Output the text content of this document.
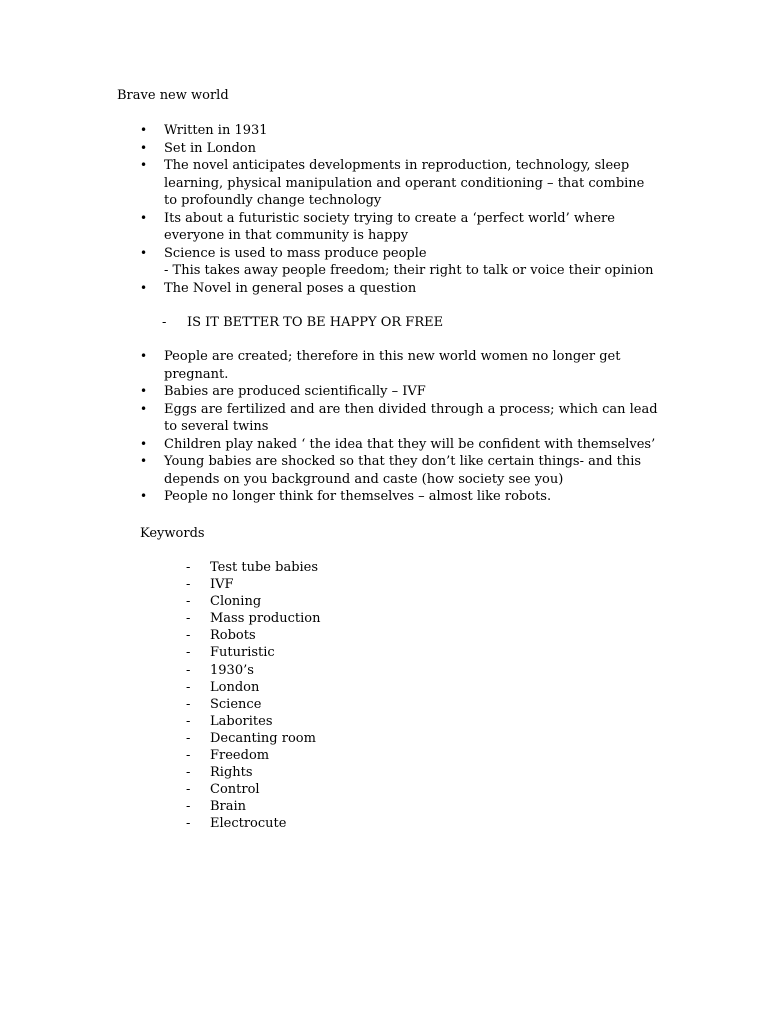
Brave new world
• Written in 1931
• Set in London
• The novel anticipates developments in reproduction, technology, sleep
learning, physical manipulation and operant conditioning – that combine
to profoundly change technology
• Its about a futuristic society trying to create a ‘perfect world’ where
everyone in that community is happy
• Science is used to mass produce people
- This takes away people freedom; their right to talk or voice their opinion
• The Novel in general poses a question
- IS IT BETTER TO BE HAPPY OR FREE
• People are created; therefore in this new world women no longer get
pregnant.
• Babies are produced scientifically – IVF
• Eggs are fertilized and are then divided through a process; which can lead
to several twins
• Children play naked ‘ the idea that they will be confident with themselves’
• Young babies are shocked so that they don’t like certain things- and this
depends on you background and caste (how society see you)
• People no longer think for themselves – almost like robots.
Keywords
- Test tube babies
- IVF
- Cloning
- Mass production
- Robots
- Futuristic
- 1930’s
- London
- Science
- Laborites
- Decanting room
- Freedom
- Rights
- Control
- Brain
- Electrocute
